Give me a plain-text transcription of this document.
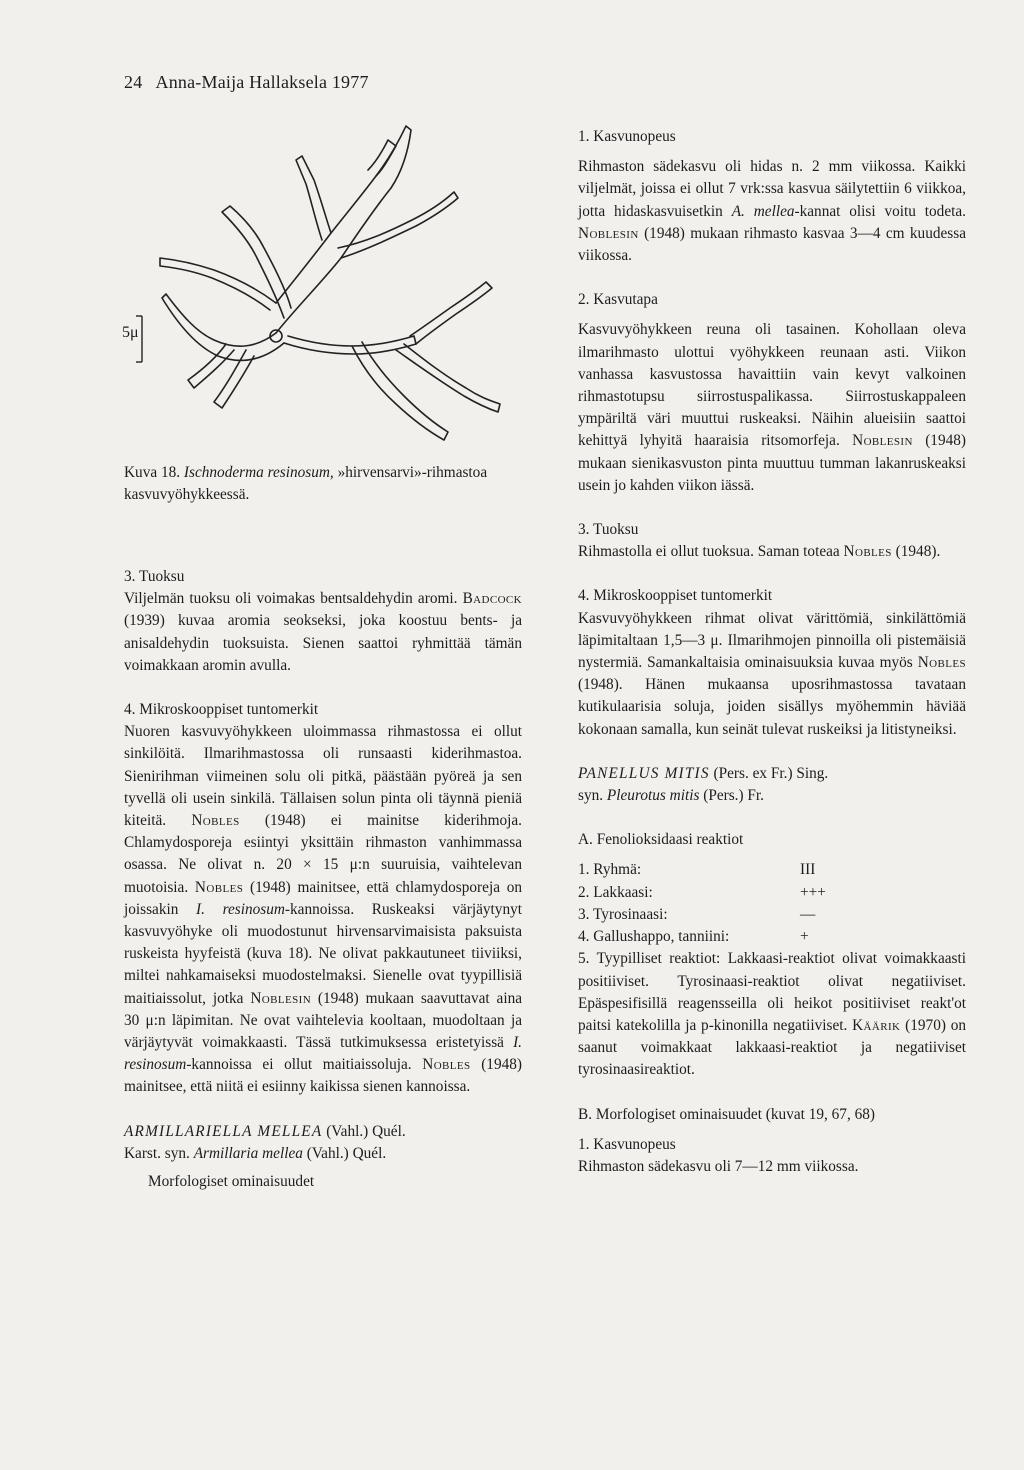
24 Anna-Maija Hallaksela 1977
5μ
Kuva 18. Ischnoderma resinosum, »hirvensarvi»-rihmastoa kasvuvyöhykkeessä.
3. Tuoksu

Viljelmän tuoksu oli voimakas bentsaldehydin aromi. Badcock (1939) kuvaa aromia seokseksi, joka koostuu bents- ja anisaldehydin tuoksuista. Sienen saattoi ryhmittää tämän voimakkaan aromin avulla.

4. Mikroskooppiset tuntomerkit

Nuoren kasvuvyöhykkeen uloimmassa rihmastossa ei ollut sinkilöitä. Ilmarihmastossa oli runsaasti kiderihmastoa. Sienirihman viimeinen solu oli pitkä, päästään pyöreä ja sen tyvellä oli usein sinkilä. Tällaisen solun pinta oli täynnä pieniä kiteitä. Nobles (1948) ei mainitse kiderihmoja. Chlamydosporeja esiintyi yksittäin rihmaston vanhimmassa osassa. Ne olivat n. 20 × 15 μ:n suuruisia, vaihtelevan muotoisia. Nobles (1948) mainitsee, että chlamydosporeja on joissakin I. resinosum-kannoissa. Ruskeaksi värjäytynyt kasvuvyöhyke oli muodostunut hirvensarvimaisista paksuista ruskeista hyyfeistä (kuva 18). Ne olivat pakkautuneet tiiviiksi, miltei nahkamaiseksi muodostelmaksi. Sienelle ovat tyypillisiä maitiaissolut, jotka Noblesin (1948) mukaan saavuttavat aina 30 μ:n läpimitan. Ne ovat vaihtelevia kooltaan, muodoltaan ja värjäytyvät voimakkaasti. Tässä tutkimuksessa eristetyissä I. resinosum-kannoissa ei ollut maitiaissoluja. Nobles (1948) mainitsee, että niitä ei esiinny kaikissa sienen kannoissa.

ARMILLARIELLA MELLEA (Vahl.) Quél.
Karst. syn. Armillaria mellea (Vahl.) Quél.
Morfologiset ominaisuudet
1. Kasvunopeus

Rihmaston sädekasvu oli hidas n. 2 mm viikossa. Kaikki viljelmät, joissa ei ollut 7 vrk:ssa kasvua säilytettiin 6 viikkoa, jotta hidaskasvuisetkin A. mellea-kannat olisi voitu todeta. Noblesin (1948) mukaan rihmasto kasvaa 3—4 cm kuudessa viikossa.

2. Kasvutapa

Kasvuvyöhykkeen reuna oli tasainen. Kohollaan oleva ilmarihmasto ulottui vyöhykkeen reunaan asti. Viikon vanhassa kasvustossa havaittiin vain kevyt valkoinen rihmastotupsu siirrostuspalikassa. Siirrostuskappaleen ympäriltä väri muuttui ruskeaksi. Näihin alueisiin saattoi kehittyä lyhyitä haaraisia ritsomorfeja. Noblesin (1948) mukaan sienikasvuston pinta muuttuu tumman lakanruskeaksi usein jo kahden viikon iässä.

3. Tuoksu

Rihmastolla ei ollut tuoksua. Saman toteaa Nobles (1948).

4. Mikroskooppiset tuntomerkit

Kasvuvyöhykkeen rihmat olivat värittömiä, sinkilättömiä läpimitaltaan 1,5—3 μ. Ilmarihmojen pinnoilla oli pistemäisiä nystermiä. Samankaltaisia ominaisuuksia kuvaa myös Nobles (1948). Hänen mukaansa uposrihmastossa tavataan kutikulaarisia soluja, joiden sisällys myöhemmin häviää kokonaan samalla, kun seinät tulevat ruskeiksi ja litistyneiksi.

PANELLUS MITIS (Pers. ex Fr.) Sing.
syn. Pleurotus mitis (Pers.) Fr.
A. Fenolioksidaasi reaktiot
1. Ryhmä:	III
2. Lakkaasi:	+++
3. Tyrosinaasi:	—
4. Gallushappo, tanniini:	+

5. Tyypilliset reaktiot: Lakkaasi-reaktiot olivat voimakkaasti positiiviset. Tyrosinaasi-reaktiot olivat negatiiviset. Epäspesifisillä reagensseilla oli heikot positiiviset reakt'ot paitsi katekolilla ja p-kinonilla negatiiviset. Käärik (1970) on saanut voimakkaat lakkaasi-reaktiot ja negatiiviset tyrosinaasireaktiot.

B. Morfologiset ominaisuudet (kuvat 19, 67, 68)
1. Kasvunopeus

Rihmaston sädekasvu oli 7—12 mm viikossa.
